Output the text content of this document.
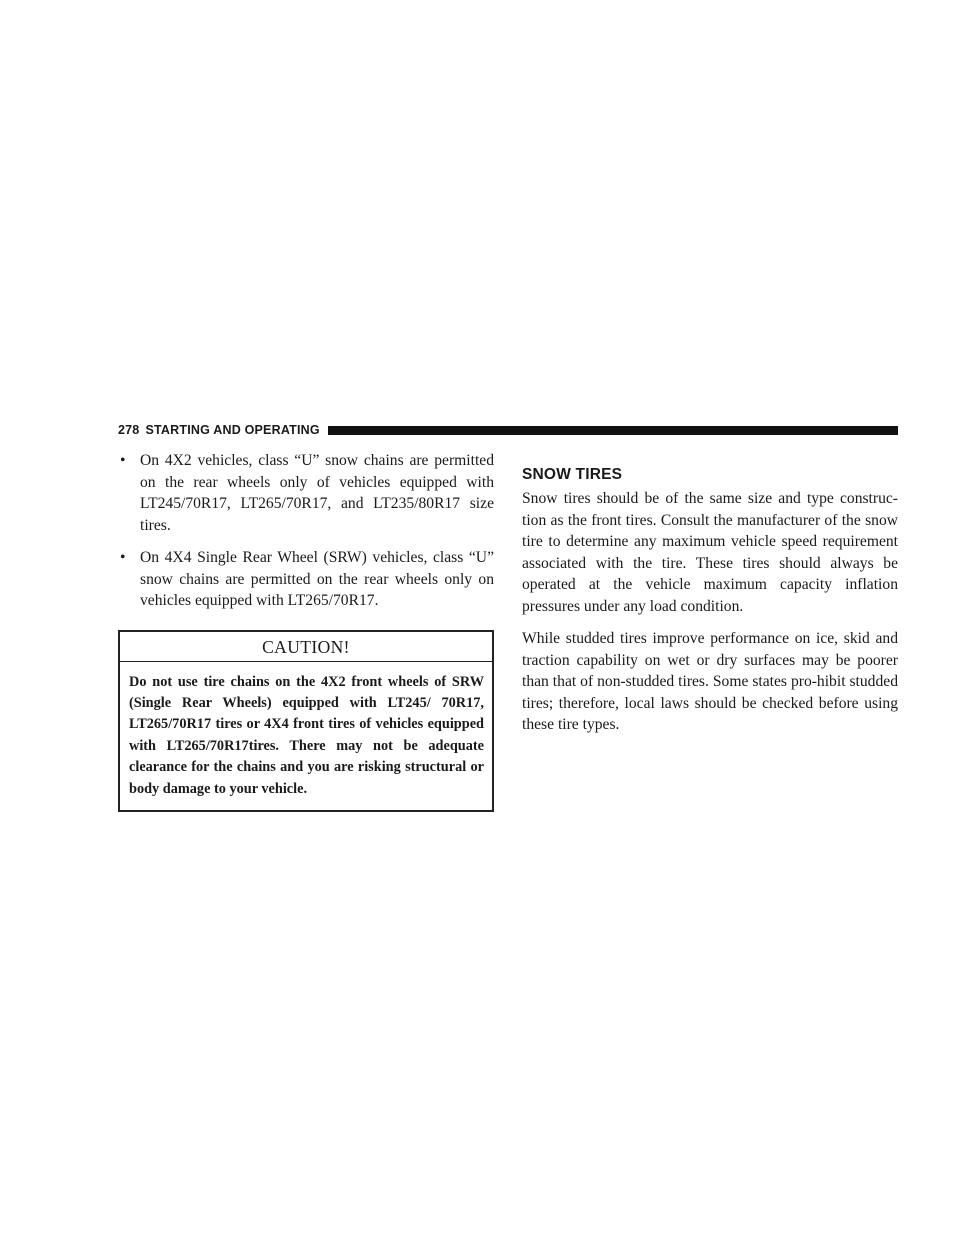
278 STARTING AND OPERATING
• On 4X2 vehicles, class “U” snow chains are permitted on the rear wheels only of vehicles equipped with LT245/70R17, LT265/70R17, and LT235/80R17 size tires.
• On 4X4 Single Rear Wheel (SRW) vehicles, class “U” snow chains are permitted on the rear wheels only on vehicles equipped with LT265/70R17.
CAUTION!
Do not use tire chains on the 4X2 front wheels of SRW (Single Rear Wheels) equipped with LT245/ 70R17, LT265/70R17 tires or 4X4 front tires of vehicles equipped with LT265/70R17tires. There may not be adequate clearance for the chains and you are risking structural or body damage to your vehicle.
SNOW TIRES

Snow tires should be of the same size and type construc-tion as the front tires. Consult the manufacturer of the snow tire to determine any maximum vehicle speed requirement associated with the tire. These tires should always be operated at the vehicle maximum capacity inflation pressures under any load condition.

While studded tires improve performance on ice, skid and traction capability on wet or dry surfaces may be poorer than that of non-studded tires. Some states pro-hibit studded tires; therefore, local laws should be checked before using these tire types.
